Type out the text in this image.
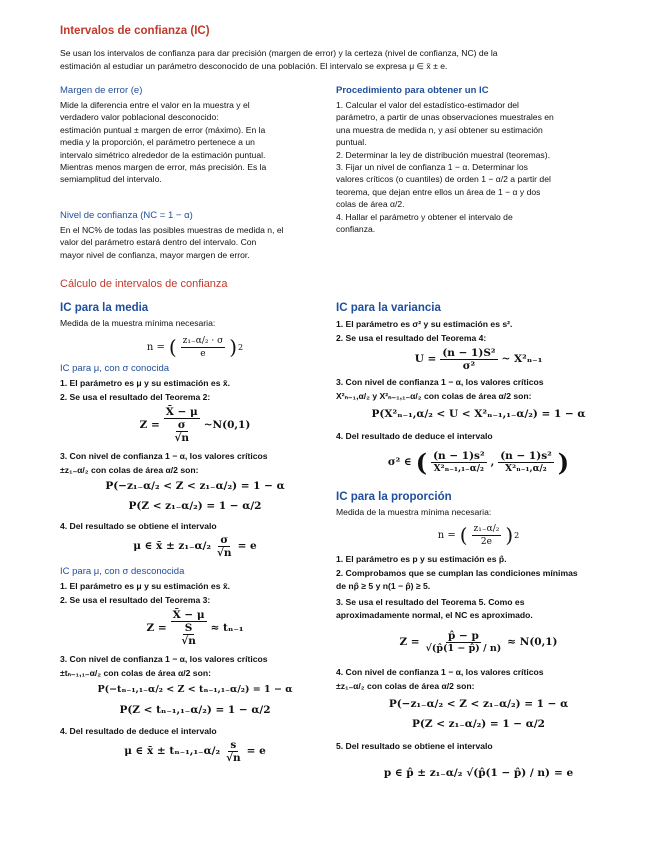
Intervalos de confianza (IC)
Se usan los intervalos de confianza para dar precisión (margen de error) y la certeza (nivel de confianza, NC) de la
estimación al estudiar un parámetro desconocido de una población. El intervalo se expresa μ ∈ x̄ ± e.
Margen de error (e)
Mide la diferencia entre el valor en la muestra y el
verdadero valor poblacional desconocido:
estimación puntual ± margen de error (máximo). En la
media y la proporción, el parámetro pertenece a un
intervalo simétrico alrededor de la estimación puntual.
Mientras menos margen de error, más precisión. Es la
semiamplitud del intervalo.
Nivel de confianza (NC = 1 − α)
En el NC% de todas las posibles muestras de medida n, el
valor del parámetro estará dentro del intervalo. Con
mayor nivel de confianza, mayor margen de error.
Procedimiento para obtener un IC
1. Calcular el valor del estadístico-estimador del
parámetro, a partir de unas observaciones muestrales en
una muestra de medida n, y así obtener su estimación
puntual.
2. Determinar la ley de distribución muestral (teoremas).
3. Fijar un nivel de confianza 1 − α. Determinar los
valores críticos (o cuantiles) de orden 1 − α/2 a partir del
teorema, que dejan entre ellos un área de 1 − α y dos
colas de área α/2.
4. Hallar el parámetro y obtener el intervalo de
confianza.
Cálculo de intervalos de confianza
IC para la media
Medida de la muestra mínima necesaria:
n = ( $\frac{\text{z₁₋α/₂ · σ}}{e}$ ) 2
IC para μ, con σ conocida
1. El parámetro es μ y su estimación es x̄.
2. Se usa el resultado del Teorema 2:
$Z = \frac{X̄ - \mu}{\frac{\sigma}{√n}}$ ~N(0,1)
3. Con nivel de confianza 1 − α, los valores críticos
±z₁₋α/₂ con colas de área α/2 son:
P(−z₁₋α/₂ < Z < z₁₋α/₂) = 1 − α
P(Z < z₁₋α/₂) = 1 − α/2
4. Del resultado se obtiene el intervalo
μ ∈ x̄ ± $z_{1-}\alpha/_2 \frac{\sigma}{√n} = e$
IC para μ, con σ desconocida
1. El parámetro es μ y su estimación es x̄.
2. Se usa el resultado del Teorema 3:
$Z = \frac{X̄ - \mu}{\frac{S}{√n}} \approx t_{n-1}$
3. Con nivel de confianza 1 − α, los valores críticos
±tₙ₋₁,₁₋α/₂ con colas de área α/2 son:
P(−tₙ₋₁,₁₋α/₂ < Z < tₙ₋₁,₁₋α/₂) = 1 − α
P(Z < tₙ₋₁,₁₋α/₂) = 1 − α/2
4. Del resultado de deduce el intervalo
μ ∈ x̄ ± $t_{n-1},_{1-}\alpha/_2 \frac{s}{√n} = e$
IC para la variancia
1. El parámetro es σ² y su estimación es s².
2. Se usa el resultado del Teorema 4:
$U = \frac{\text{(n − 1)S²}}{\text{σ²}}$ ~ X²ₙ₋₁
3. Con nivel de confianza 1 − α, los valores críticos
X²ₙ₋₁,α/₂ y X²ₙ₋₁,₁₋α/₂ con colas de área α/2 son:
P(X²ₙ₋₁,α/₂ < U < X²ₙ₋₁,₁₋α/₂) = 1 − α
4. Del resultado de deduce el intervalo
σ² ∈ ( $\frac{\text{(n − 1)s²}}{\text{X²ₙ₋₁,₁₋α/₂}}$ , $\frac{\text{(n − 1)s²}}{\text{X²ₙ₋₁,α/₂}}$ )
IC para la proporción
Medida de la muestra mínima necesaria:
n = ( $\frac{\text{z₁₋α/₂}}{2e}$ ) 2
1. El parámetro es p y su estimación es p̂.
2. Comprobamos que se cumplan las condiciones mínimas
de np̂ ≥ 5 y n(1 − p̂) ≥ 5.
3. Se usa el resultado del Teorema 5. Como es
aproximadamente normal, el NC es aproximado.
$Z = \frac{p̂ - p}{√(p̂(1 - p̂) / n)} \approx N(0,1)$
4. Con nivel de confianza 1 − α, los valores críticos
±z₁₋α/₂ con colas de área α/2 son:
P(−z₁₋α/₂ < Z < z₁₋α/₂) = 1 − α
P(Z < z₁₋α/₂) = 1 − α/2
5. Del resultado se obtiene el intervalo
p ∈ p̂ ± z₁₋α/₂ √(p̂(1 − p̂) / n) = e
